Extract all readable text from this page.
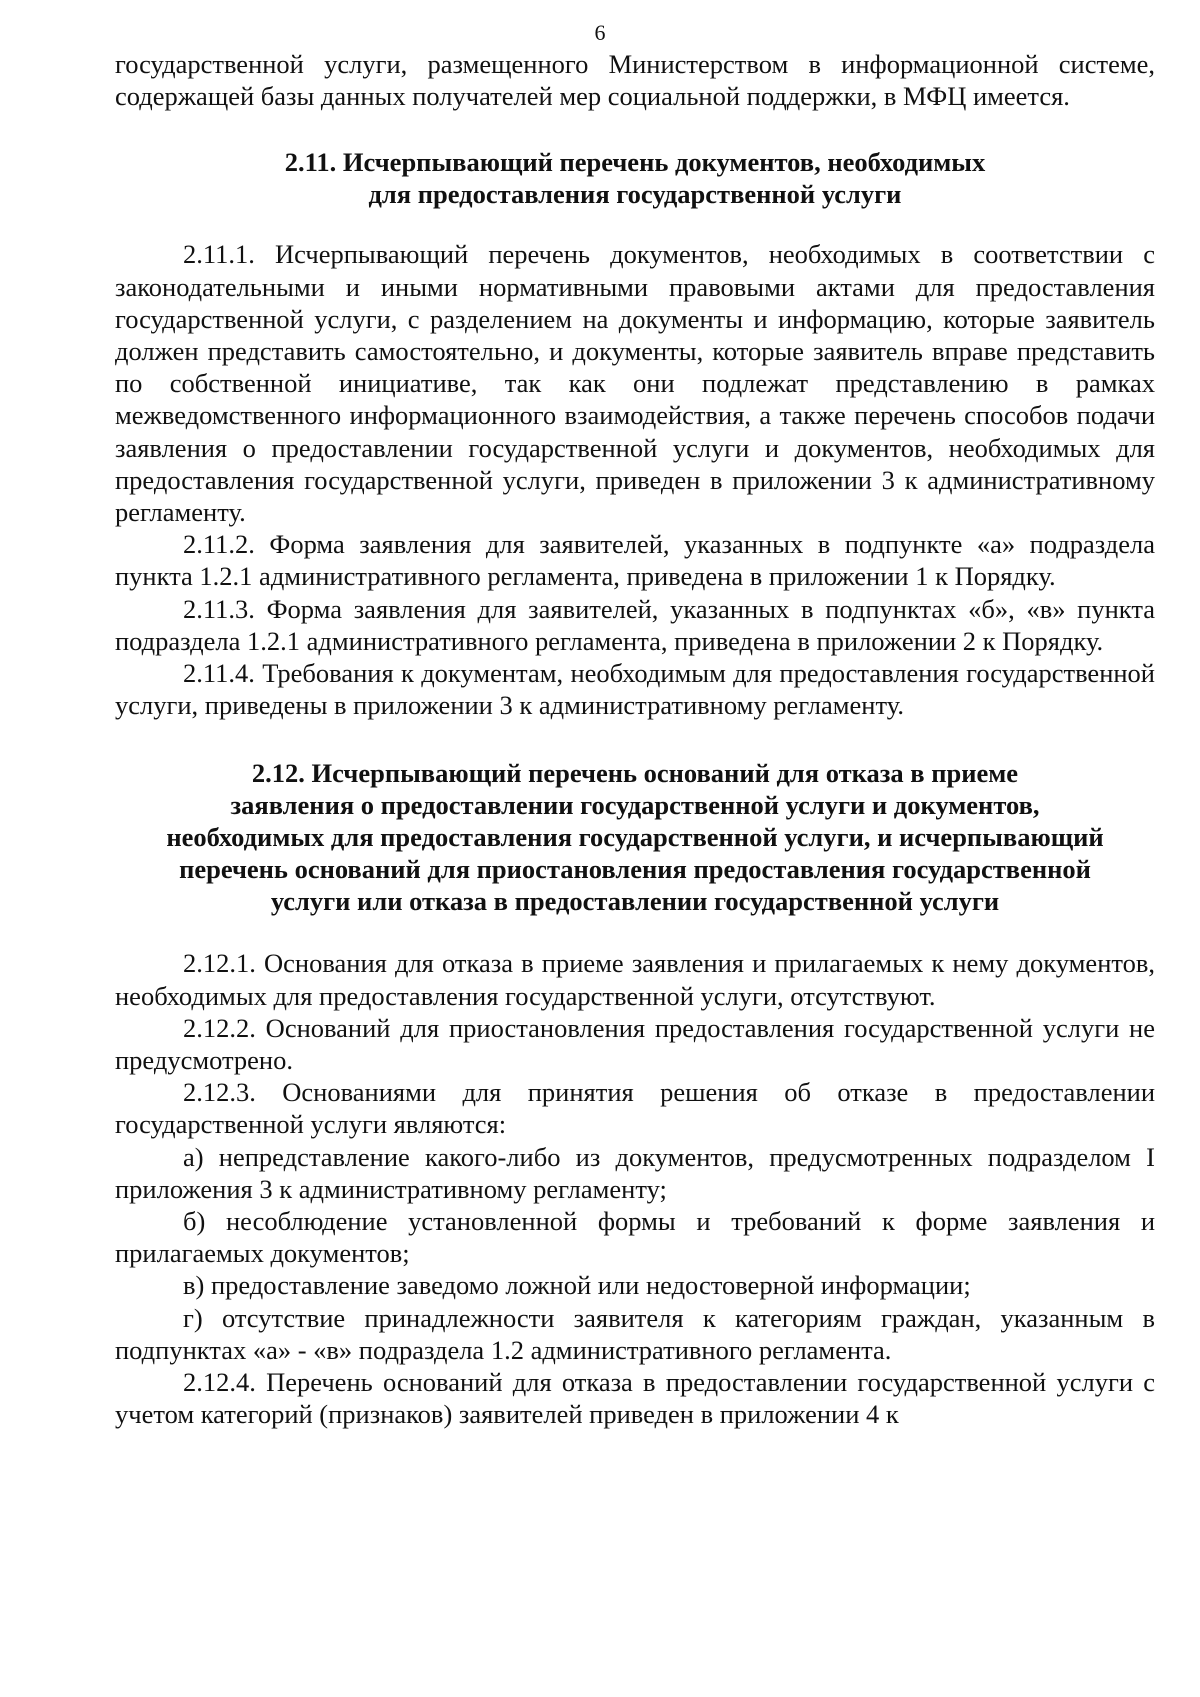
6

государственной услуги, размещенного Министерством в информационной системе, содержащей базы данных получателей мер социальной поддержки, в МФЦ имеется.

2.11. Исчерпывающий перечень документов, необходимых
для предоставления государственной услуги

2.11.1. Исчерпывающий перечень документов, необходимых в соответствии с законодательными и иными нормативными правовыми актами для предоставления государственной услуги, с разделением на документы и информацию, которые заявитель должен представить самостоятельно, и документы, которые заявитель вправе представить по собственной инициативе, так как они подлежат представлению в рамках межведомственного информационного взаимодействия, а также перечень способов подачи заявления о предоставлении государственной услуги и документов, необходимых для предоставления государственной услуги, приведен в приложении 3 к административному регламенту.

2.11.2. Форма заявления для заявителей, указанных в подпункте «а» подраздела пункта 1.2.1 административного регламента, приведена в приложении 1 к Порядку.

2.11.3. Форма заявления для заявителей, указанных в подпунктах «б», «в» пункта подраздела 1.2.1 административного регламента, приведена в приложении 2 к Порядку.

2.11.4. Требования к документам, необходимым для предоставления государственной услуги, приведены в приложении 3 к административному регламенту.

2.12. Исчерпывающий перечень оснований для отказа в приеме
заявления о предоставлении государственной услуги и документов,
необходимых для предоставления государственной услуги, и исчерпывающий
перечень оснований для приостановления предоставления государственной
услуги или отказа в предоставлении государственной услуги

2.12.1. Основания для отказа в приеме заявления и прилагаемых к нему документов, необходимых для предоставления государственной услуги, отсутствуют.

2.12.2. Оснований для приостановления предоставления государственной услуги не предусмотрено.

2.12.3. Основаниями для принятия решения об отказе в предоставлении государственной услуги являются:

а) непредставление какого-либо из документов, предусмотренных подразделом I приложения 3 к административному регламенту;

б) несоблюдение установленной формы и требований к форме заявления и прилагаемых документов;

в) предоставление заведомо ложной или недостоверной информации;

г) отсутствие принадлежности заявителя к категориям граждан, указанным в подпунктах «а» - «в» подраздела 1.2 административного регламента.

2.12.4. Перечень оснований для отказа в предоставлении государственной услуги с учетом категорий (признаков) заявителей приведен в приложении 4 к
